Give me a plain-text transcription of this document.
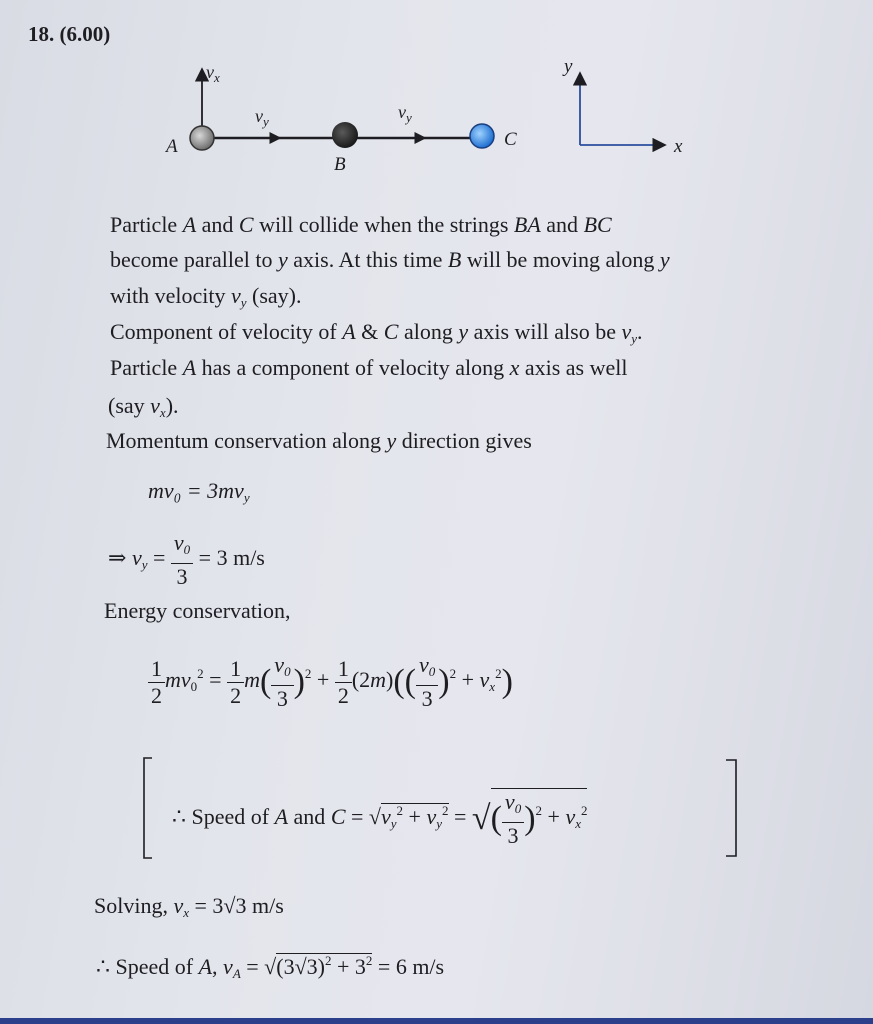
18. (6.00)
$v_x$
$v_y$	$v_y$
A
B
C
y
x
Particle A and C will collide when the strings BA and BC
become parallel to y axis. At this time B will be moving along y
with velocity $v_y$ (say).
Component of velocity of A & C along y axis will also be $v_y$.
Particle A has a component of velocity along x axis as well
(say $v_x$).
Momentum conservation along y direction gives
$mv_0 = 3mv_y$
⇒ $v_y = \frac{v_0}{3} = 3$ m/s
Energy conservation,
$\frac{1}{2} mv_0^2 = \frac{1}{2} m( \frac{v_0}{3} )^2 + \frac{1}{2} (2m)(( \frac{v_0}{3} )^2 + v_x^2)$
∴ Speed of A and $C = √v_y^2 + v_y^2$ = √( $\frac{v_0}{3} )^2 + v_x^2$
Solving, $v_x = 3√3$ m/s
∴ Speed of A, $v_A = √(3√3)^2 + 3^2 = 6$ m/s
